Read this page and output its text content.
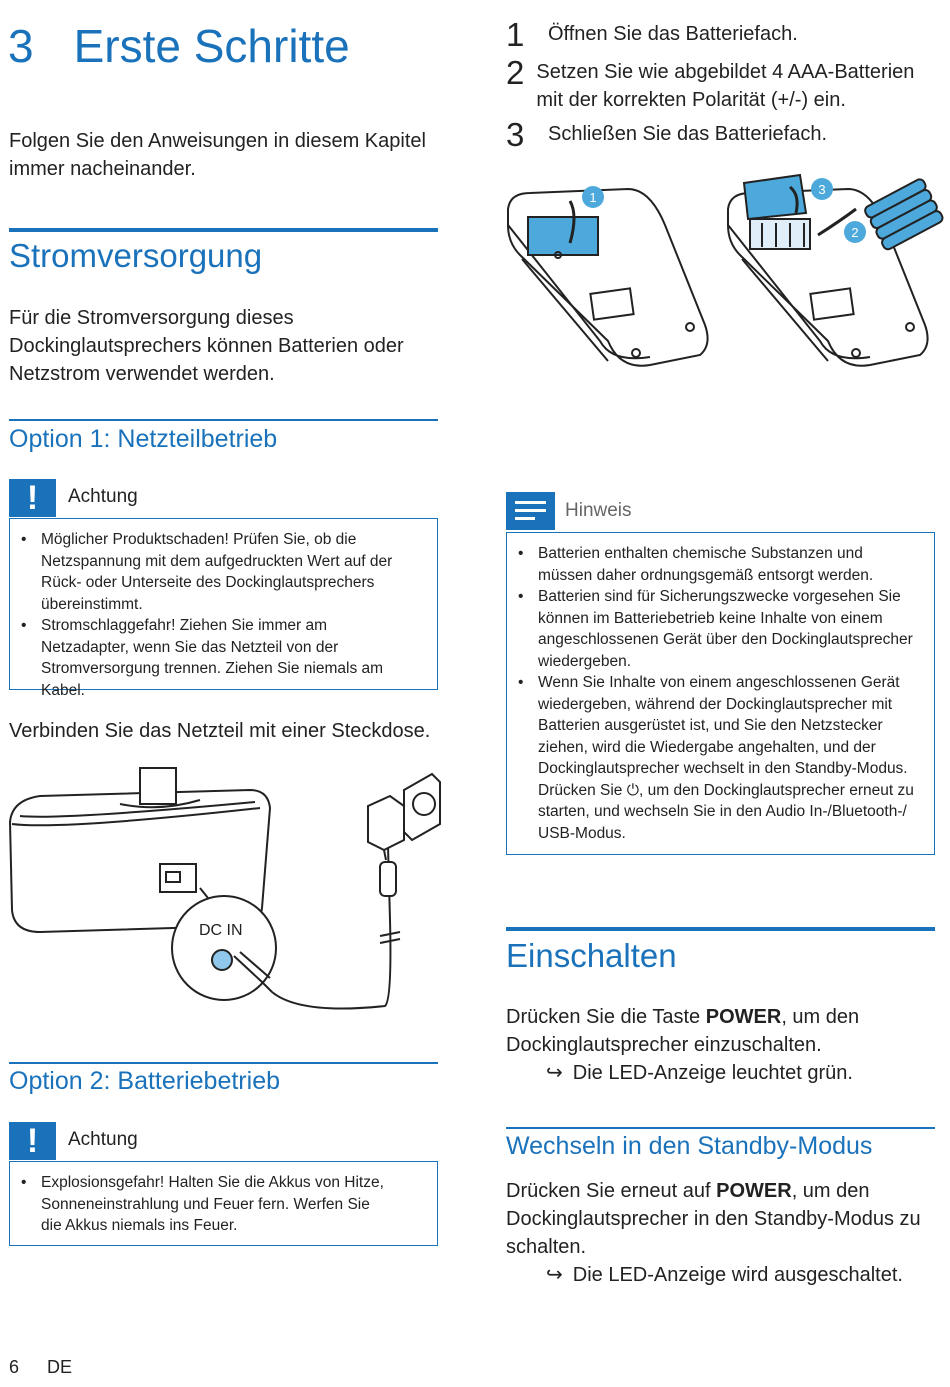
3 Erste Schritte
Folgen Sie den Anweisungen in diesem Kapitel immer nacheinander.
Stromversorgung
Für die Stromversorgung dieses Dockinglautsprechers können Batterien oder Netzstrom verwendet werden.
Option 1: Netzteilbetrieb
!	Achtung
• Möglicher Produktschaden! Prüfen Sie, ob die Netzspannung mit dem aufgedruckten Wert auf der Rück- oder Unterseite des Dockinglautsprechers übereinstimmt.
• Stromschlaggefahr! Ziehen Sie immer am Netzadapter, wenn Sie das Netzteil von der Stromversorgung trennen. Ziehen Sie niemals am Kabel.
Verbinden Sie das Netzteil mit einer Steckdose.
DC IN
Option 2: Batteriebetrieb
!	Achtung
• Explosionsgefahr! Halten Sie die Akkus von Hitze, Sonneneinstrahlung und Feuer fern. Werfen Sie die Akkus niemals ins Feuer.
6 DE
1	Öffnen Sie das Batteriefach.
2 Setzen Sie wie abgebildet 4 AAA-Batterien mit der korrekten Polarität (+/-) ein.
3	Schließen Sie das Batteriefach.
1
2
3
Hinweis
• Batterien enthalten chemische Substanzen und müssen daher ordnungsgemäß entsorgt werden.
• Batterien sind für Sicherungszwecke vorgesehen Sie können im Batteriebetrieb keine Inhalte von einem angeschlossenen Gerät über den Dockinglautsprecher wiedergeben.
• Wenn Sie Inhalte von einem angeschlossenen Gerät wiedergeben, während der Dockinglautsprecher mit Batterien ausgerüstet ist, und Sie den Netzstecker ziehen, wird die Wiedergabe angehalten, und der Dockinglautsprecher wechselt in den Standby-Modus. Drücken Sie ⏻, um den Dockinglautsprecher erneut zu starten, und wechseln Sie in den Audio In-/Bluetooth-/ USB-Modus.
Einschalten
Drücken Sie die Taste POWER, um den Dockinglautsprecher einzuschalten.
↪ Die LED-Anzeige leuchtet grün.
Wechseln in den Standby-Modus
Drücken Sie erneut auf POWER, um den Dockinglautsprecher in den Standby-Modus zu schalten.
↪ Die LED-Anzeige wird ausgeschaltet.
